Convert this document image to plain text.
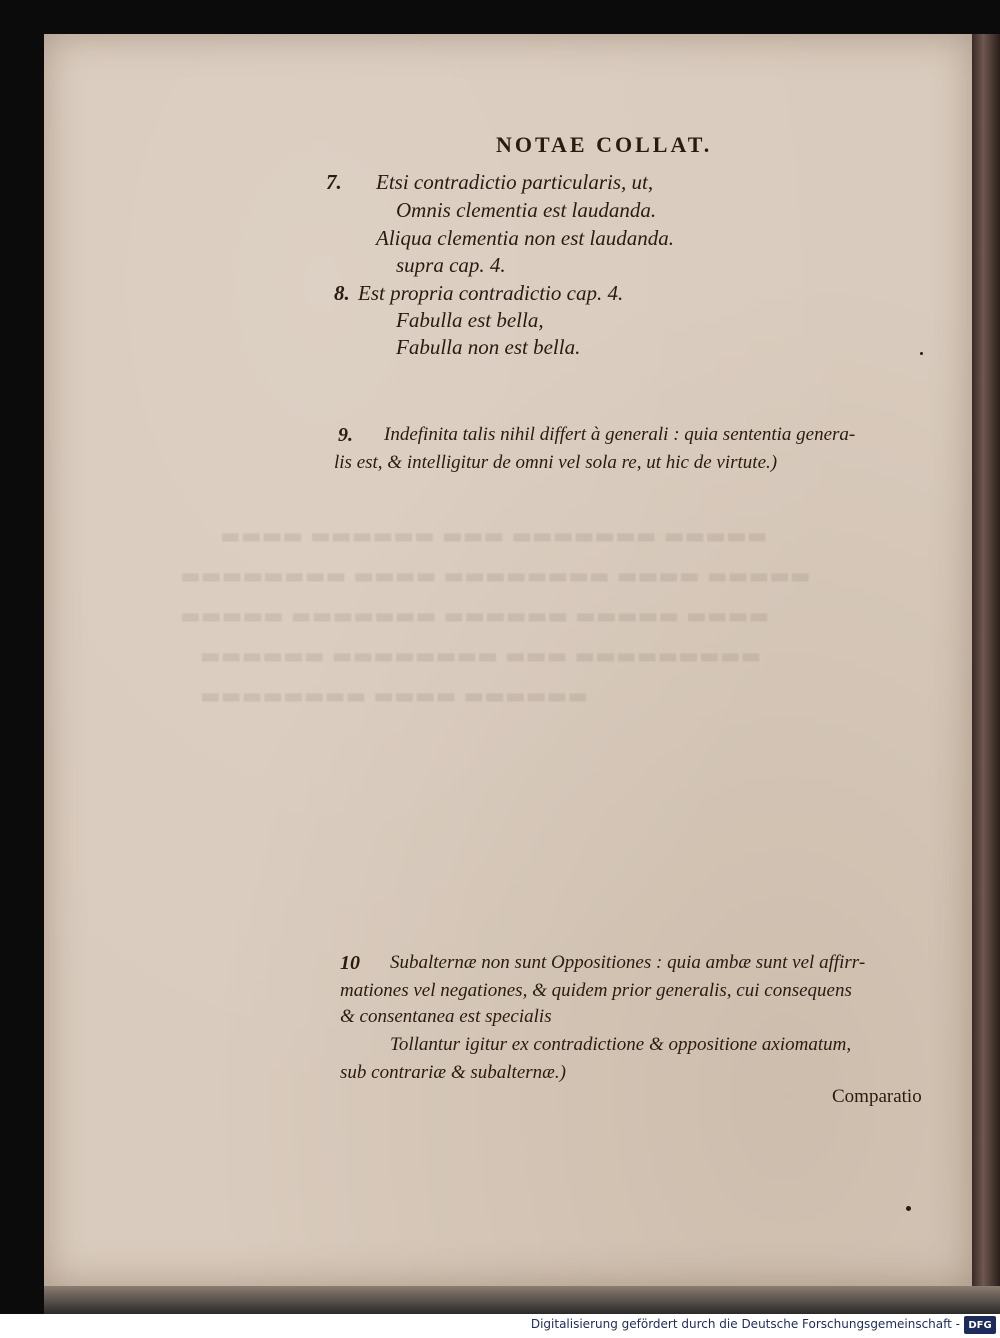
▬▬▬▬ ▬▬▬▬▬▬ ▬▬▬ ▬▬▬▬▬▬▬ ▬▬▬▬▬
▬▬▬▬▬▬▬▬ ▬▬▬▬ ▬▬▬▬▬▬▬▬ ▬▬▬▬ ▬▬▬▬▬
▬▬▬▬▬ ▬▬▬▬▬▬▬ ▬▬▬▬▬▬ ▬▬▬▬▬ ▬▬▬▬
▬▬▬▬▬▬ ▬▬▬▬▬▬▬▬ ▬▬▬ ▬▬▬▬▬▬▬▬▬
▬▬▬▬▬▬▬▬ ▬▬▬▬ ▬▬▬▬▬▬
NOTAE COLLAT.
7. Etsi contradictio particularis, ut,
Omnis clementia est laudanda.
Aliqua clementia non est laudanda.
supra cap. 4.
8. Est propria contradictio cap. 4.
Fabulla est bella,
Fabulla non est bella.
9. Indefinita talis nihil differt à generali : quia sententia genera-
lis est, & intelligitur de omni vel sola re, ut hic de virtute.)
10 Subalternæ non sunt Oppositiones : quia ambæ sunt vel affirr-
mationes vel negationes, & quidem prior generalis, cui consequens
& consentanea est specialis
Tollantur igitur ex contradictione & oppositione axiomatum,
sub contrariæ & subalternæ.)
Comparatio
Digitalisierung gefördert durch die Deutsche Forschungsgemeinschaft - DFG
